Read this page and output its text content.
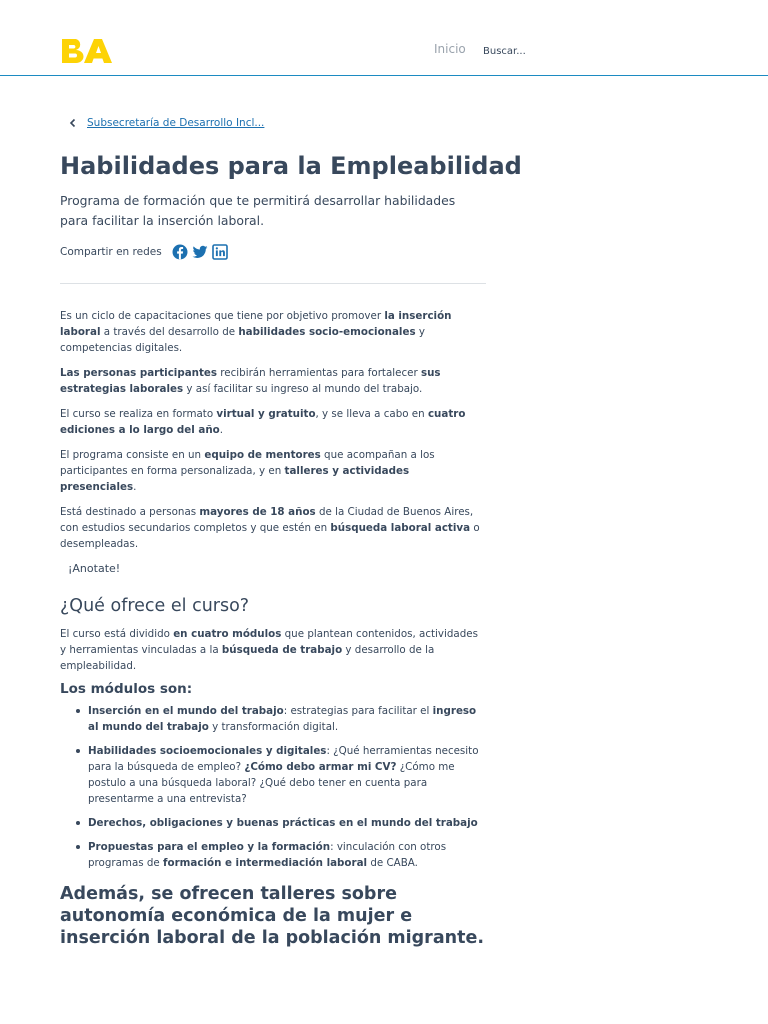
Inicio
Buscar...
Subsecretaría de Desarrollo Incl...
Habilidades para la Empleabilidad

Programa de formación que te permitirá desarrollar habilidades para facilitar la inserción laboral.

Compartir en redes

Es un ciclo de capacitaciones que tiene por objetivo promover la inserción laboral a través del desarrollo de habilidades socio-emocionales y competencias digitales.

Las personas participantes recibirán herramientas para fortalecer sus estrategias laborales y así facilitar su ingreso al mundo del trabajo.

El curso se realiza en formato virtual y gratuito, y se lleva a cabo en cuatro ediciones a lo largo del año.

El programa consiste en un equipo de mentores que acompañan a los participantes en forma personalizada, y en talleres y actividades presenciales.

Está destinado a personas mayores de 18 años de la Ciudad de Buenos Aires, con estudios secundarios completos y que estén en búsqueda laboral activa o desempleadas.

¡Anotate!
¿Qué ofrece el curso?

El curso está dividido en cuatro módulos que plantean contenidos, actividades y herramientas vinculadas a la búsqueda de trabajo y desarrollo de la empleabilidad.

Los módulos son:
Inserción en el mundo del trabajo: estrategias para facilitar el ingreso al mundo del trabajo y transformación digital.
Habilidades socioemocionales y digitales: ¿Qué herramientas necesito para la búsqueda de empleo? ¿Cómo debo armar mi CV? ¿Cómo me postulo a una búsqueda laboral? ¿Qué debo tener en cuenta para presentarme a una entrevista?
Derechos, obligaciones y buenas prácticas en el mundo del trabajo
Propuestas para el empleo y la formación: vinculación con otros programas de formación e intermediación laboral de CABA.
Además, se ofrecen talleres sobre autonomía económica de la mujer e inserción laboral de la población migrante.
